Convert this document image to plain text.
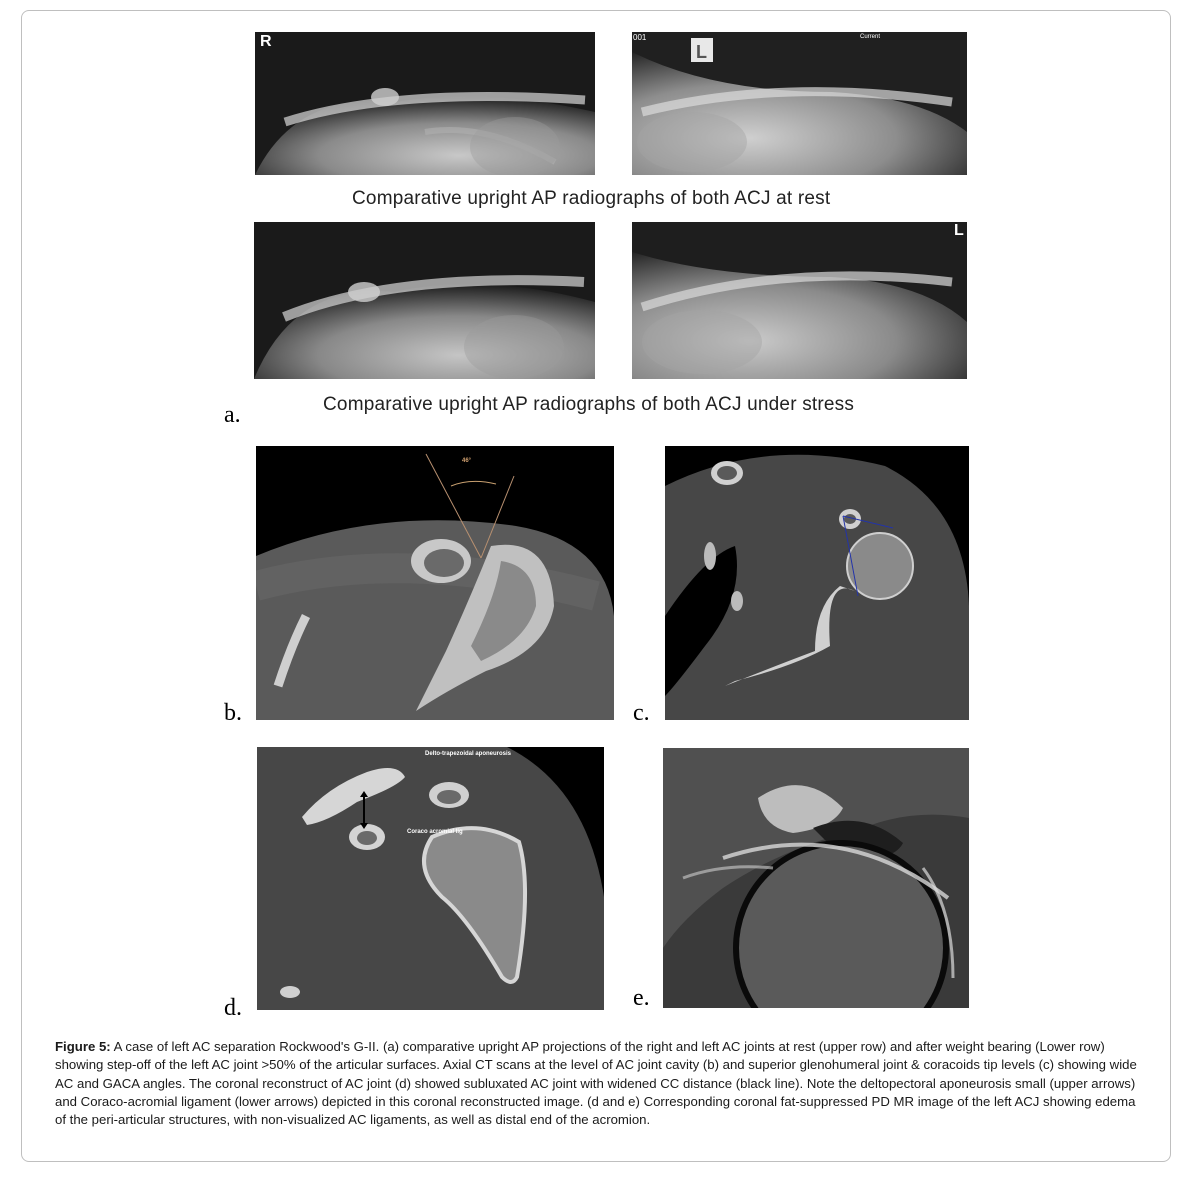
R
L
001	Current
Comparative upright AP radiographs of both ACJ at rest
L
a.	Comparative upright AP radiographs of both ACJ under stress
46°
b.	c.
Delto-trapezoidal aponeurosis
Coraco acromial lig
d.	e.
Figure 5: A case of left AC separation Rockwood's G-II. (a) comparative upright AP projections of the right and left AC joints at rest (upper row) and after weight bearing (Lower row) showing step-off of the left AC joint >50% of the articular surfaces. Axial CT scans at the level of AC joint cavity (b) and superior glenohumeral joint & coracoids tip levels (c) showing wide AC and GACA angles. The coronal reconstruct of AC joint (d) showed subluxated AC joint with widened CC distance (black line). Note the deltopectoral aponeurosis small (upper arrows) and Coraco-acromial ligament (lower arrows) depicted in this coronal reconstructed image. (d and e) Corresponding coronal fat-suppressed PD MR image of the left ACJ showing edema of the peri-articular structures, with non-visualized AC ligaments, as well as distal end of the acromion.
